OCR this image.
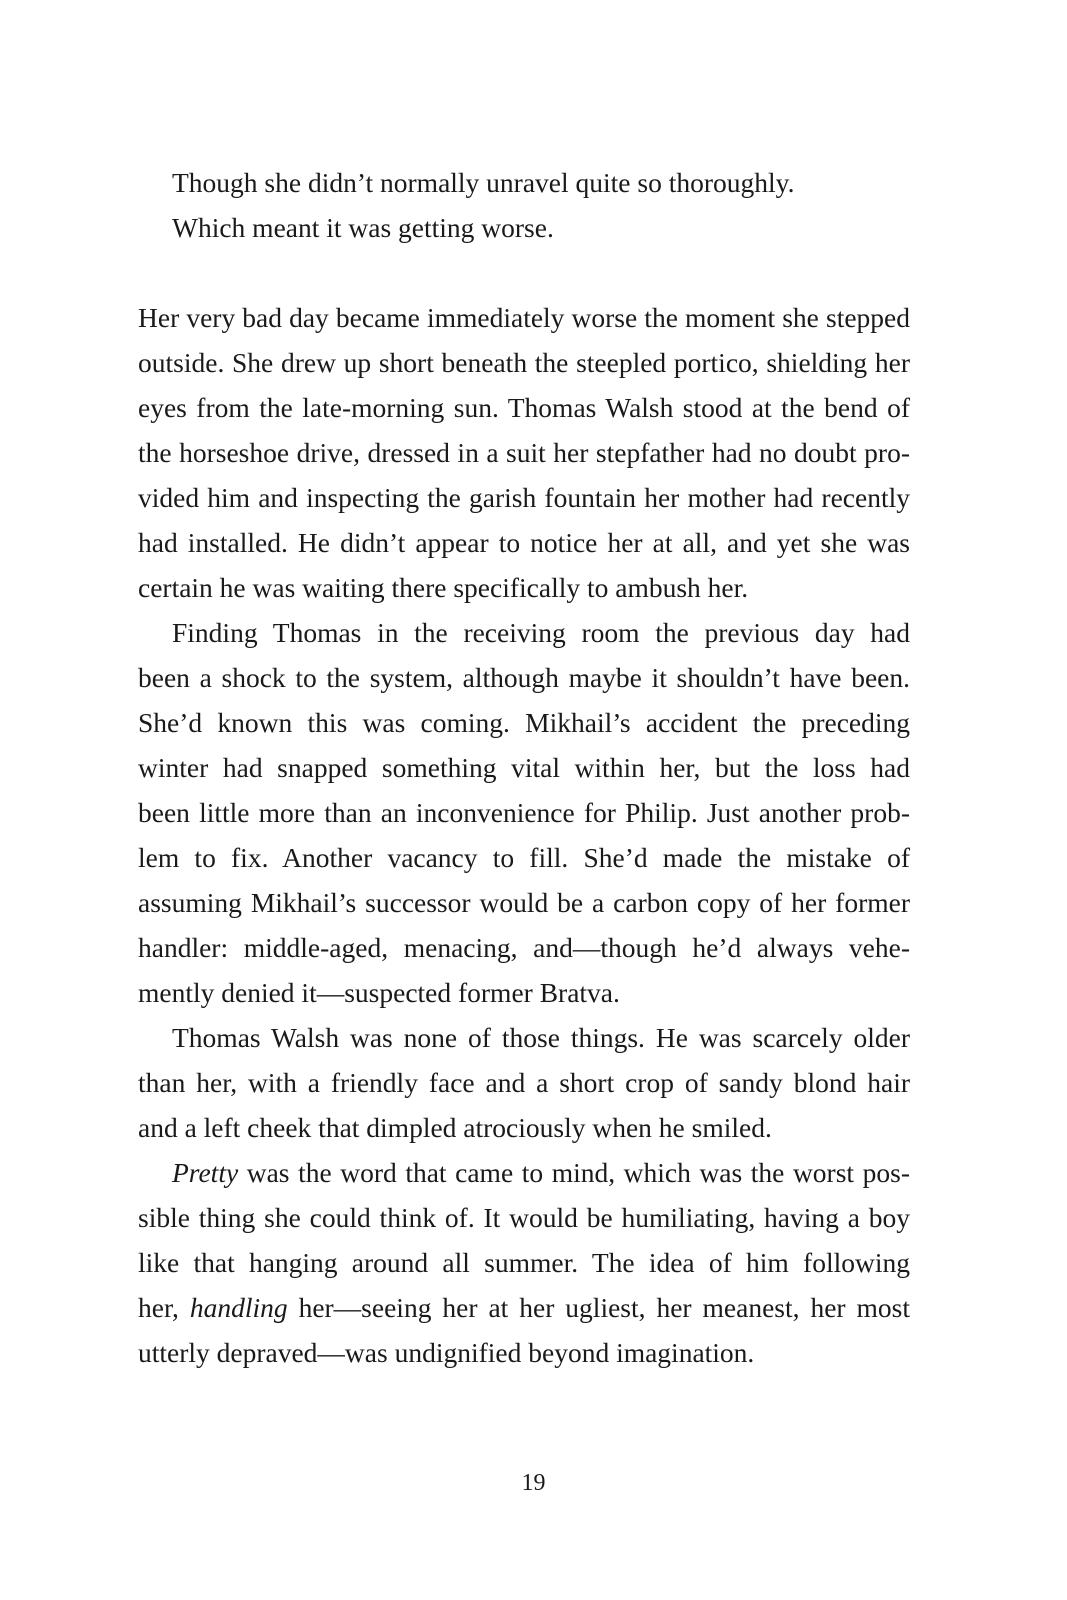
Though she didn’t normally unravel quite so thoroughly.
Which meant it was getting worse.
Her very bad day became immediately worse the moment she stepped
outside. She drew up short beneath the steepled portico, shielding her
eyes from the late-morning sun. Thomas Walsh stood at the bend of
the horseshoe drive, dressed in a suit her stepfather had no doubt pro-
vided him and inspecting the garish fountain her mother had recently
had installed. He didn’t appear to notice her at all, and yet she was
certain he was waiting there specifically to ambush her.
Finding Thomas in the receiving room the previous day had
been a shock to the system, although maybe it shouldn’t have been.
She’d known this was coming. Mikhail’s accident the preceding
winter had snapped something vital within her, but the loss had
been little more than an inconvenience for Philip. Just another prob-
lem to fix. Another vacancy to fill. She’d made the mistake of
assuming Mikhail’s successor would be a carbon copy of her former
handler: middle-aged, menacing, and—though he’d always vehe-
mently denied it—suspected former Bratva.
Thomas Walsh was none of those things. He was scarcely older
than her, with a friendly face and a short crop of sandy blond hair
and a left cheek that dimpled atrociously when he smiled.
Pretty was the word that came to mind, which was the worst pos-
sible thing she could think of. It would be humiliating, having a boy
like that hanging around all summer. The idea of him following
her, handling her—seeing her at her ugliest, her meanest, her most
utterly depraved—was undignified beyond imagination.
19
